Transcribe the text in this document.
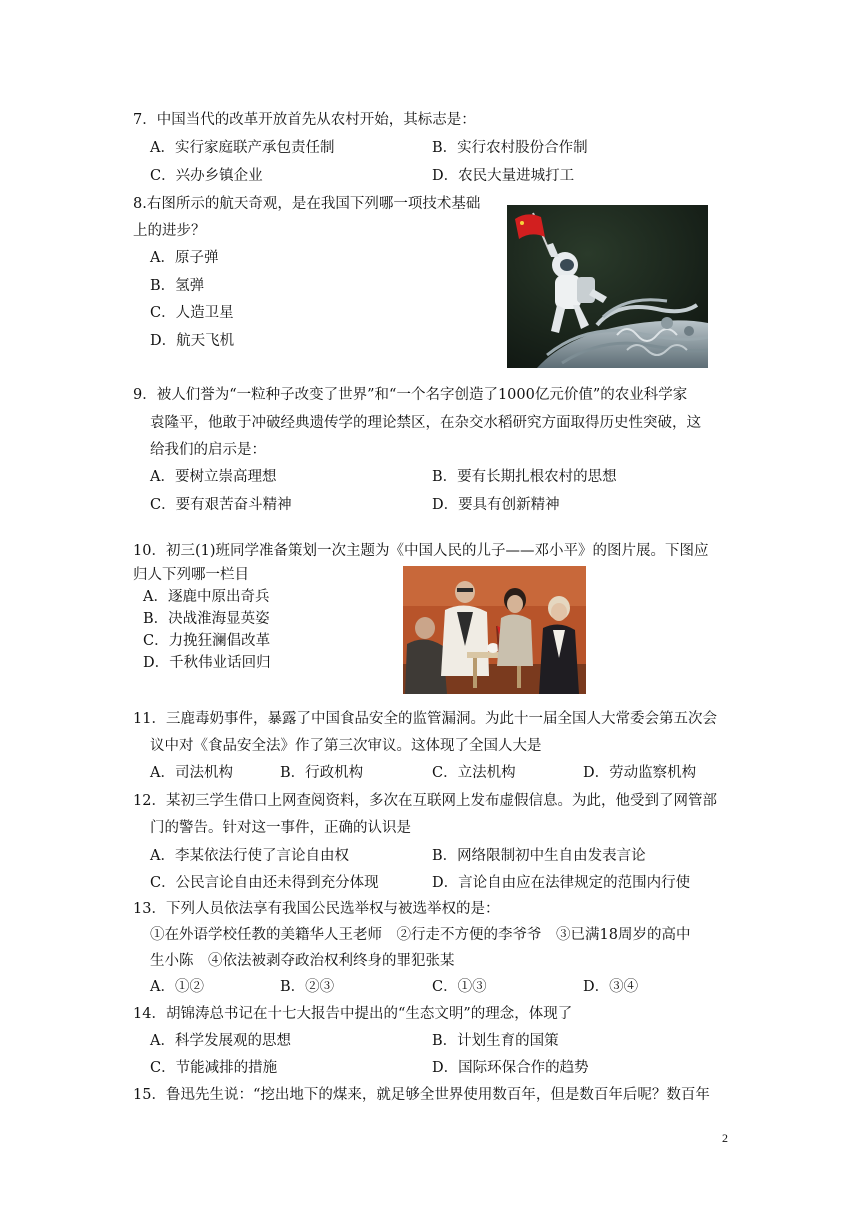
7．中国当代的改革开放首先从农村开始，其标志是：
A．实行家庭联产承包责任制	B．实行农村股份合作制
C．兴办乡镇企业	D．农民大量进城打工
8.右图所示的航天奇观，是在我国下列哪一项技术基础
上的进步？
A．原子弹
B．氢弹
C．人造卫星
D．航天飞机
9．被人们誉为“一粒种子改变了世界”和“一个名字创造了1000亿元价值”的农业科学家
袁隆平，他敢于冲破经典遗传学的理论禁区，在杂交水稻研究方面取得历史性突破，这
给我们的启示是：
A．要树立崇高理想	B．要有长期扎根农村的思想
C．要有艰苦奋斗精神	D．要具有创新精神
10．初三(1)班同学准备策划一次主题为《中国人民的儿子——邓小平》的图片展。下图应
归人下列哪一栏目
A．逐鹿中原出奇兵
B．决战淮海显英姿
C．力挽狂澜倡改革
D．千秋伟业话回归
11．三鹿毒奶事件，暴露了中国食品安全的监管漏洞。为此十一届全国人大常委会第五次会
议中对《食品安全法》作了第三次审议。这体现了全国人大是
A．司法机构	B．行政机构	C．立法机构	D．劳动监察机构
12．某初三学生借口上网查阅资料，多次在互联网上发布虚假信息。为此，他受到了网管部
门的警告。针对这一事件，正确的认识是
A．李某依法行使了言论自由权	B．网络限制初中生自由发表言论
C．公民言论自由还未得到充分体现	D．言论自由应在法律规定的范围内行使
13．下列人员依法享有我国公民选举权与被选举权的是：
①在外语学校任教的美籍华人王老师　②行走不方便的李爷爷　③已满18周岁的高中
生小陈　④依法被剥夺政治权利终身的罪犯张某
A．①②	B．②③	C．①③	D．③④
14．胡锦涛总书记在十七大报告中提出的“生态文明”的理念，体现了
A．科学发展观的思想	B．计划生育的国策
C．节能减排的措施	D．国际环保合作的趋势
15．鲁迅先生说：“挖出地下的煤来，就足够全世界使用数百年，但是数百年后呢？数百年
2
